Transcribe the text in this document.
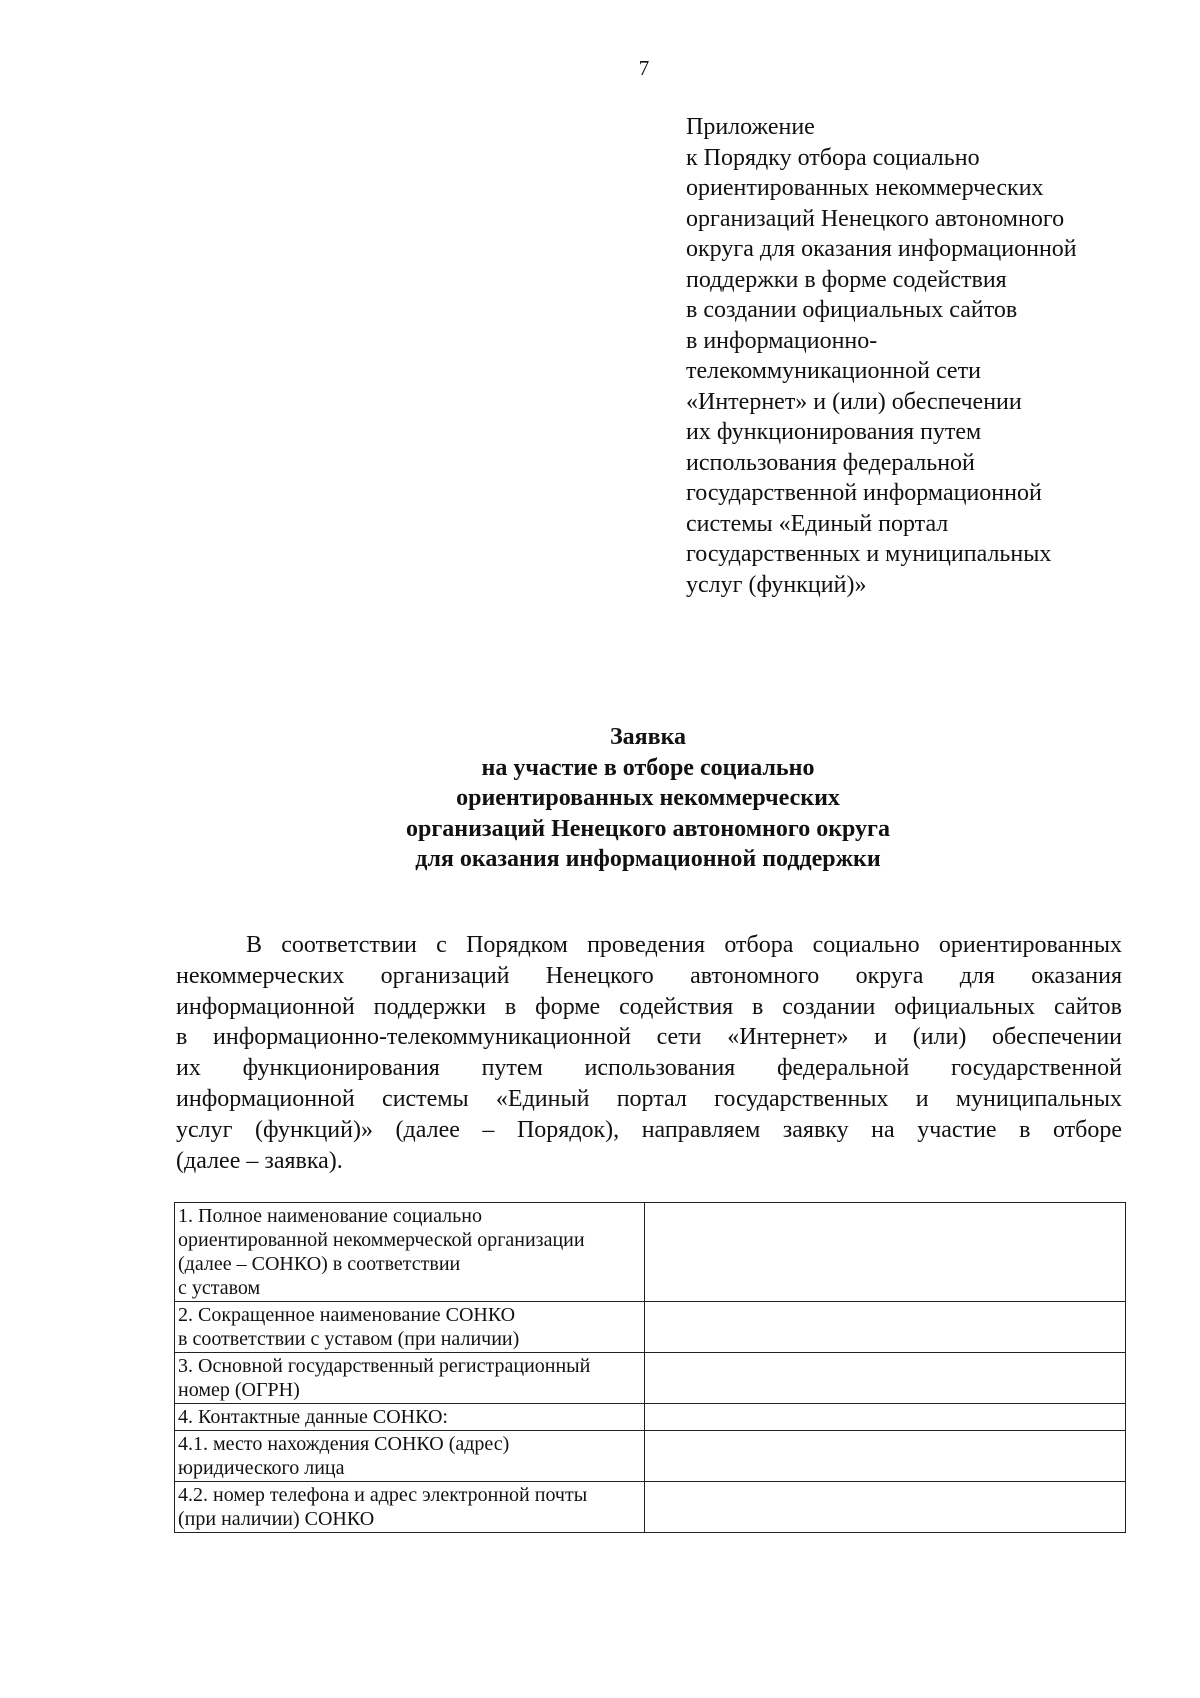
7
Приложение
к Порядку отбора социально
ориентированных некоммерческих
организаций Ненецкого автономного
округа для оказания информационной
поддержки в форме содействия
в создании официальных сайтов
в информационно-
телекоммуникационной сети
«Интернет» и (или) обеспечении
их функционирования путем
использования федеральной
государственной информационной
системы «Единый портал
государственных и муниципальных
услуг (функций)»
Заявка
на участие в отборе социально
ориентированных некоммерческих
организаций Ненецкого автономного округа
для оказания информационной поддержки
В соответствии с Порядком проведения отбора социально ориентированных
некоммерческих организаций Ненецкого автономного округа для оказания
информационной поддержки в форме содействия в создании официальных сайтов
в информационно-телекоммуникационной сети «Интернет» и (или) обеспечении
их функционирования путем использования федеральной государственной
информационной системы «Единый портал государственных и муниципальных
услуг (функций)» (далее – Порядок), направляем заявку на участие в отборе
(далее – заявка).
1. Полное наименование социально
ориентированной некоммерческой организации
(далее – СОНКО) в соответствии
с уставом	
2. Сокращенное наименование СОНКО
в соответствии с уставом (при наличии)	
3. Основной государственный регистрационный
номер (ОГРН)	
4. Контактные данные СОНКО:	
4.1. место нахождения СОНКО (адрес)
юридического лица	
4.2. номер телефона и адрес электронной почты
(при наличии) СОНКО	
